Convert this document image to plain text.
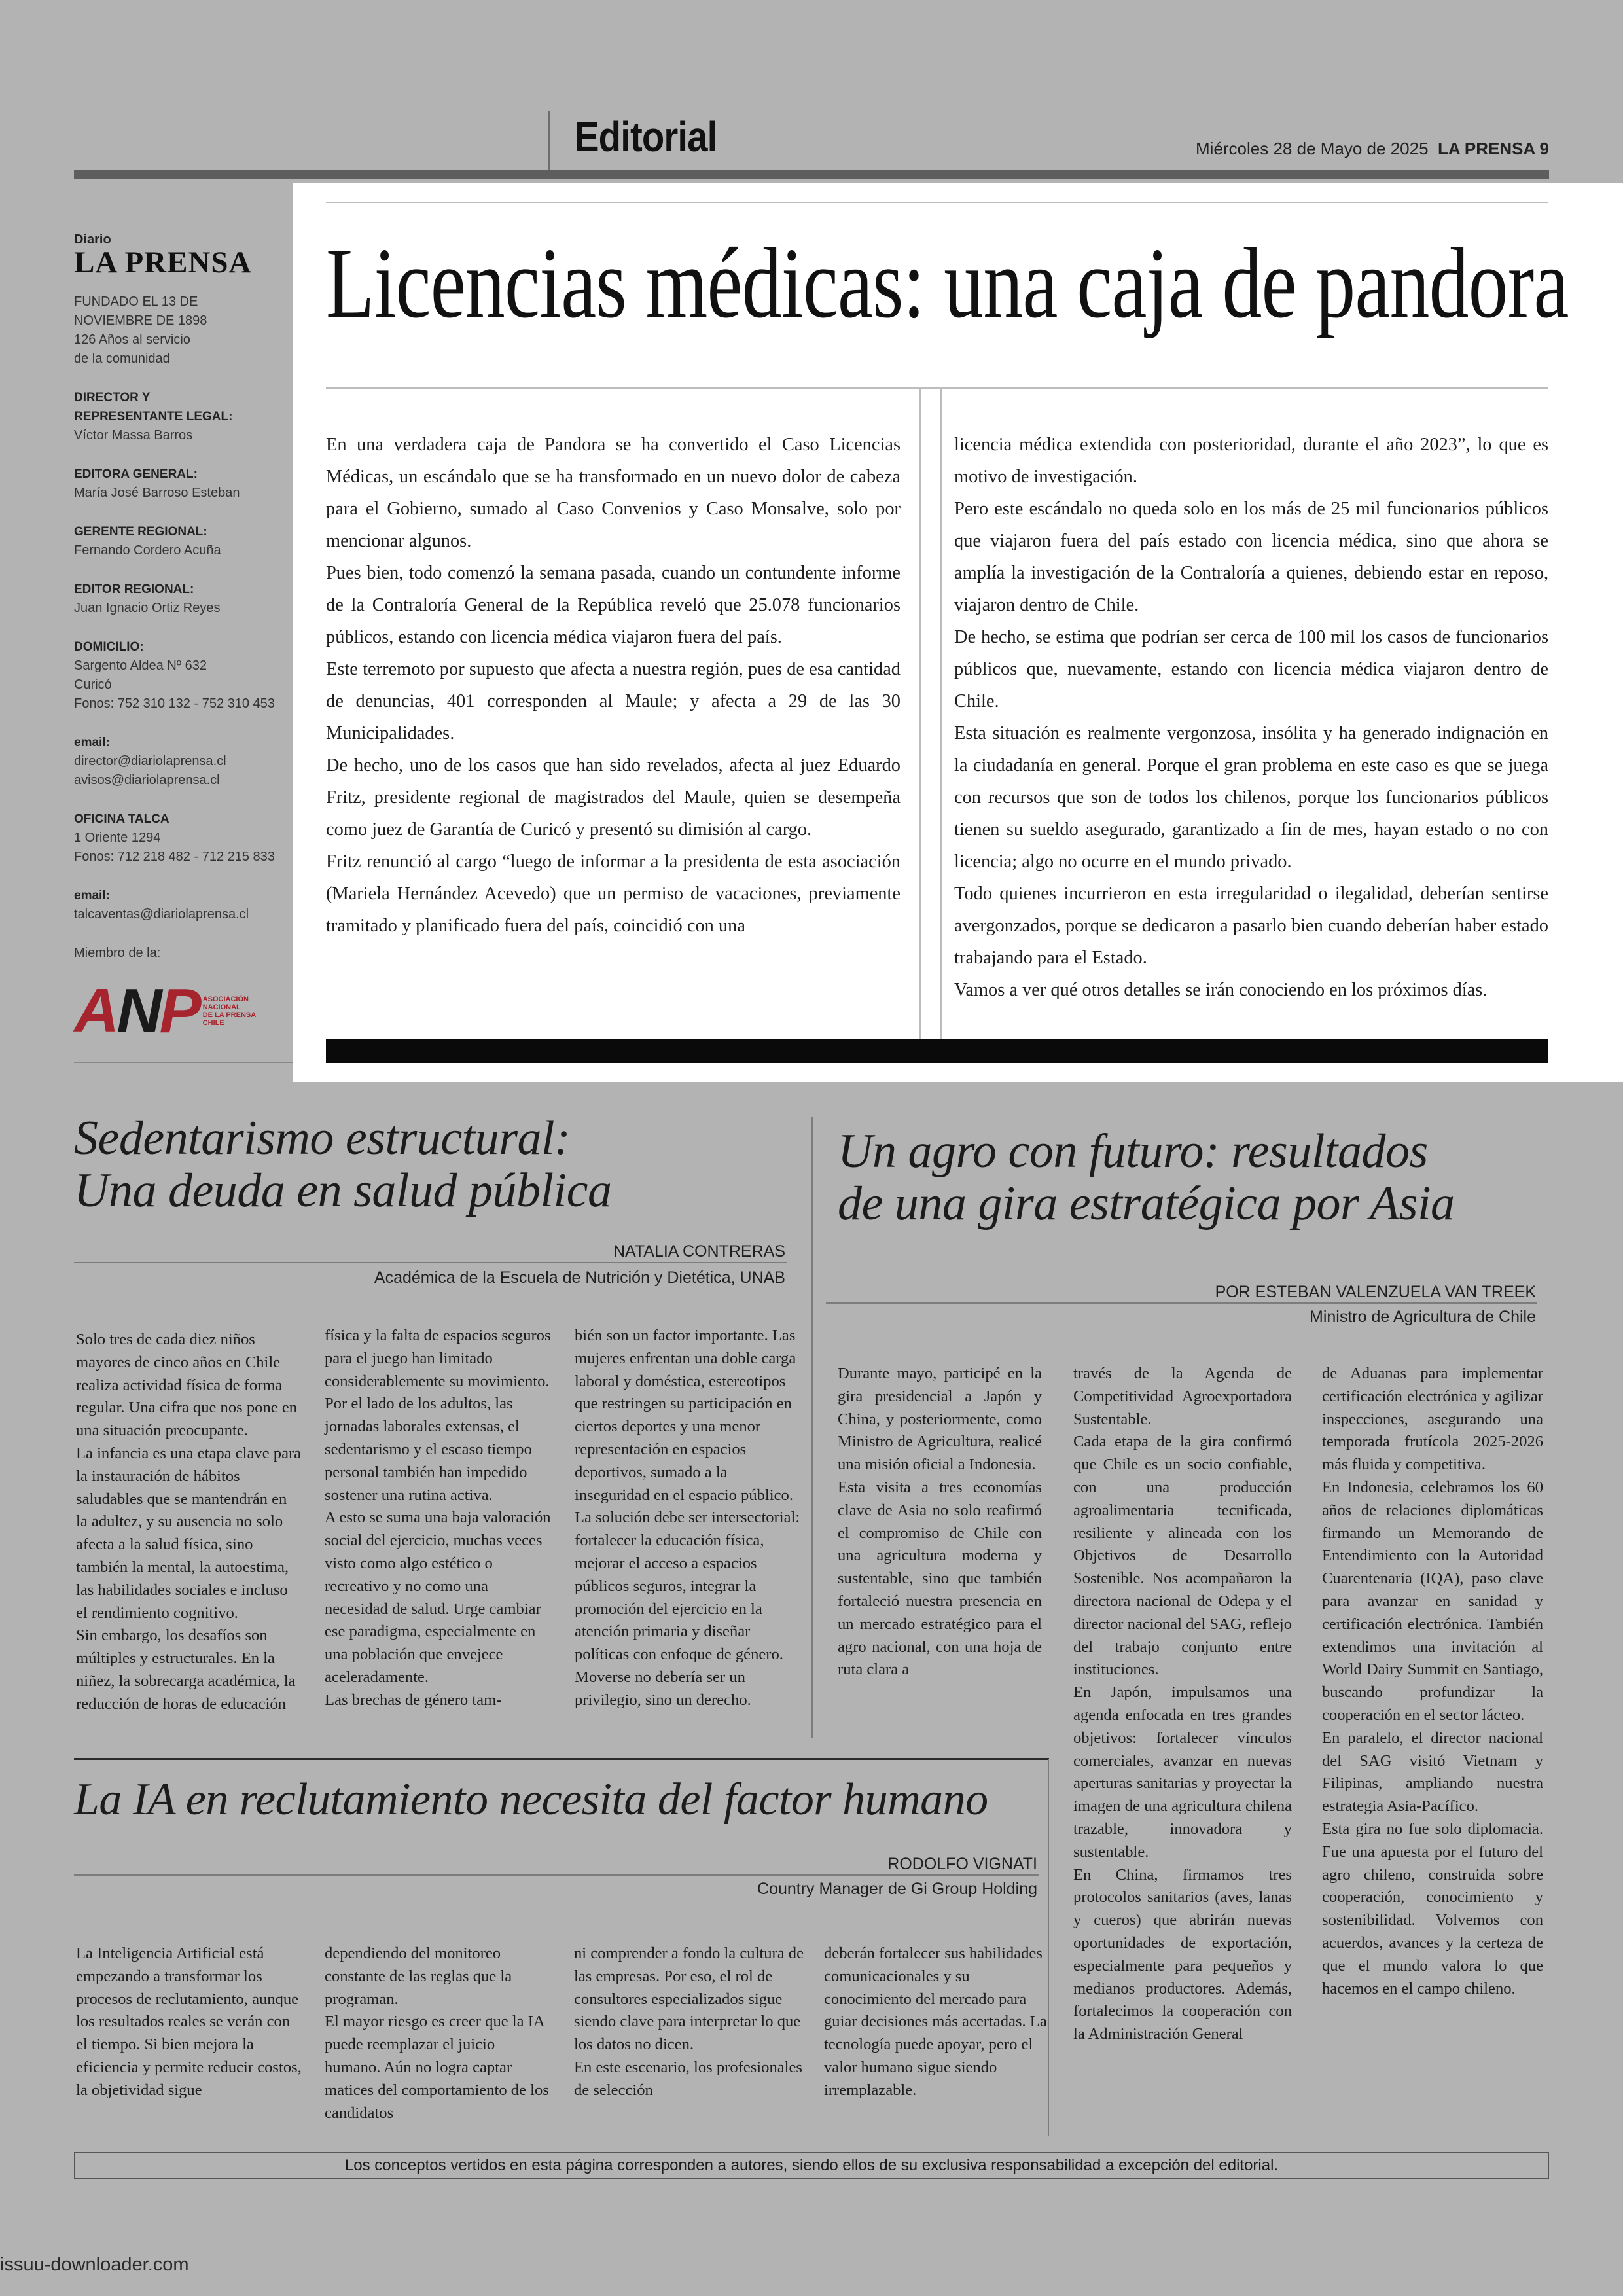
Editorial	Miércoles 28 de Mayo de 2025 LA PRENSA 9
Diario
LA PRENSA
FUNDADO EL 13 DE
NOVIEMBRE DE 1898
126 Años al servicio
de la comunidad
DIRECTOR Y
REPRESENTANTE LEGAL:
Víctor Massa Barros
EDITORA GENERAL:
María José Barroso Esteban
GERENTE REGIONAL:
Fernando Cordero Acuña
EDITOR REGIONAL:
Juan Ignacio Ortiz Reyes
DOMICILIO:
Sargento Aldea Nº 632
Curicó
Fonos: 752 310 132 - 752 310 453
email:
director@diariolaprensa.cl
avisos@diariolaprensa.cl
OFICINA TALCA
1 Oriente 1294
Fonos: 712 218 482 - 712 215 833
email:
talcaventas@diariolaprensa.cl
Miembro de la:
ANP ASOCIACIÓN
NACIONAL
DE LA PRENSA
CHILE
Licencias médicas: una caja de pandora

En una verdadera caja de Pandora se ha convertido el Caso Licencias Médicas, un escándalo que se ha transformado en un nuevo dolor de cabeza para el Gobierno, sumado al Caso Convenios y Caso Monsalve, solo por mencionar algunos.

Pues bien, todo comenzó la semana pasada, cuando un contundente informe de la Contraloría General de la República reveló que 25.078 funcionarios públicos, estando con licencia médica viajaron fuera del país.

Este terremoto por supuesto que afecta a nuestra región, pues de esa cantidad de denuncias, 401 corresponden al Maule; y afecta a 29 de las 30 Municipalidades.

De hecho, uno de los casos que han sido revelados, afecta al juez Eduardo Fritz, presidente regional de magistrados del Maule, quien se desempeña como juez de Garantía de Curicó y presentó su dimisión al cargo.

Fritz renunció al cargo “luego de informar a la presidenta de esta asociación (Mariela Hernández Acevedo) que un permiso de vacaciones, previamente tramitado y planificado fuera del país, coincidió con una

licencia médica extendida con posterioridad, durante el año 2023”, lo que es motivo de investigación.

Pero este escándalo no queda solo en los más de 25 mil funcionarios públicos que viajaron fuera del país estado con licencia médica, sino que ahora se amplía la investigación de la Contraloría a quienes, debiendo estar en reposo, viajaron dentro de Chile.

De hecho, se estima que podrían ser cerca de 100 mil los casos de funcionarios públicos que, nuevamente, estando con licencia médica viajaron dentro de Chile.

Esta situación es realmente vergonzosa, insólita y ha generado indignación en la ciudadanía en general. Porque el gran problema en este caso es que se juega con recursos que son de todos los chilenos, porque los funcionarios públicos tienen su sueldo asegurado, garantizado a fin de mes, hayan estado o no con licencia; algo no ocurre en el mundo privado.

Todo quienes incurrieron en esta irregularidad o ilegalidad, deberían sentirse avergonzados, porque se dedicaron a pasarlo bien cuando deberían haber estado trabajando para el Estado.

Vamos a ver qué otros detalles se irán conociendo en los próximos días.

Sedentarismo estructural:
Una deuda en salud pública
NATALIA CONTRERAS
Académica de la Escuela de Nutrición y Dietética, UNAB

Solo tres de cada diez niños mayores de cinco años en Chile realiza actividad física de forma regular. Una cifra que nos pone en una situación preocupante.

La infancia es una etapa clave para la instauración de hábitos saludables que se mantendrán en la adultez, y su ausencia no solo afecta a la salud física, sino también la mental, la autoestima, las habilidades sociales e incluso el rendimiento cognitivo.

Sin embargo, los desafíos son múltiples y estructurales. En la niñez, la sobrecarga académica, la reducción de horas de educación

física y la falta de espacios seguros para el juego han limitado considerablemente su movimiento. Por el lado de los adultos, las jornadas laborales extensas, el sedentarismo y el escaso tiempo personal también han impedido sostener una rutina activa.

A esto se suma una baja valoración social del ejercicio, muchas veces visto como algo estético o recreativo y no como una necesidad de salud. Urge cambiar ese paradigma, especialmente en una población que envejece aceleradamente.

Las brechas de género tam-

bién son un factor importante. Las mujeres enfrentan una doble carga laboral y doméstica, estereotipos que restringen su participación en ciertos deportes y una menor representación en espacios deportivos, sumado a la inseguridad en el espacio público.

La solución debe ser intersectorial: fortalecer la educación física, mejorar el acceso a espacios públicos seguros, integrar la promoción del ejercicio en la atención primaria y diseñar políticas con enfoque de género. Moverse no debería ser un privilegio, sino un derecho.

Un agro con futuro: resultados
de una gira estratégica por Asia
POR ESTEBAN VALENZUELA VAN TREEK
Ministro de Agricultura de Chile

Durante mayo, participé en la gira presidencial a Japón y China, y posteriormente, como Ministro de Agricultura, realicé una misión oficial a Indonesia.

Esta visita a tres economías clave de Asia no solo reafirmó el compromiso de Chile con una agricultura moderna y sustentable, sino que también fortaleció nuestra presencia en un mercado estratégico para el agro nacional, con una hoja de ruta clara a

través de la Agenda de Competitividad Agroexportadora Sustentable.

Cada etapa de la gira confirmó que Chile es un socio confiable, con una producción agroalimentaria tecnificada, resiliente y alineada con los Objetivos de Desarrollo Sostenible. Nos acompañaron la directora nacional de Odepa y el director nacional del SAG, reflejo del trabajo conjunto entre instituciones.

En Japón, impulsamos una agenda enfocada en tres grandes objetivos: fortalecer vínculos comerciales, avanzar en nuevas aperturas sanitarias y proyectar la imagen de una agricultura chilena trazable, innovadora y sustentable.

En China, firmamos tres protocolos sanitarios (aves, lanas y cueros) que abrirán nuevas oportunidades de exportación, especialmente para pequeños y medianos productores. Además, fortalecimos la cooperación con la Administración General

de Aduanas para implementar certificación electrónica y agilizar inspecciones, asegurando una temporada frutícola 2025-2026 más fluida y competitiva.

En Indonesia, celebramos los 60 años de relaciones diplomáticas firmando un Memorando de Entendimiento con la Autoridad Cuarentenaria (IQA), paso clave para avanzar en sanidad y certificación electrónica. También extendimos una invitación al World Dairy Summit en Santiago, buscando profundizar la cooperación en el sector lácteo.

En paralelo, el director nacional del SAG visitó Vietnam y Filipinas, ampliando nuestra estrategia Asia-Pacífico.

Esta gira no fue solo diplomacia. Fue una apuesta por el futuro del agro chileno, construida sobre cooperación, conocimiento y sostenibilidad. Volvemos con acuerdos, avances y la certeza de que el mundo valora lo que hacemos en el campo chileno.

La IA en reclutamiento necesita del factor humano
RODOLFO VIGNATI
Country Manager de Gi Group Holding

La Inteligencia Artificial está empezando a transformar los procesos de reclutamiento, aunque los resultados reales se verán con el tiempo. Si bien mejora la eficiencia y permite reducir costos, la objetividad sigue

dependiendo del monitoreo constante de las reglas que la programan.

El mayor riesgo es creer que la IA puede reemplazar el juicio humano. Aún no logra captar matices del comportamiento de los candidatos

ni comprender a fondo la cultura de las empresas. Por eso, el rol de consultores especializados sigue siendo clave para interpretar lo que los datos no dicen.

En este escenario, los profesionales de selección

deberán fortalecer sus habilidades comunicacionales y su conocimiento del mercado para guiar decisiones más acertadas. La tecnología puede apoyar, pero el valor humano sigue siendo irremplazable.

Los conceptos vertidos en esta página corresponden a autores, siendo ellos de su exclusiva responsabilidad a excepción del editorial.
issuu-downloader.com
